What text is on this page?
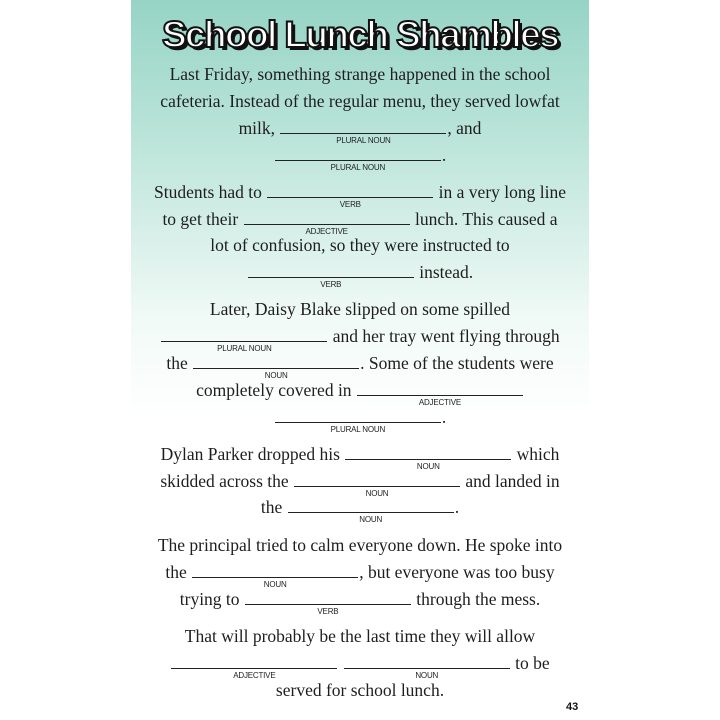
School Lunch Shambles
Last Friday, something strange happened in the school
cafeteria. Instead of the regular menu, they served lowfat
milk,
PLURAL NOUN
, and
PLURAL NOUN
.
Students had to
VERB
in a very long line
to get their
ADJECTIVE
lunch. This caused a
lot of confusion, so they were instructed to
VERB
instead.
Later, Daisy Blake slipped on some spilled
PLURAL NOUN
and her tray went flying through
the
NOUN
. Some of the students were
completely covered in
ADJECTIVE
PLURAL NOUN
.
Dylan Parker dropped his
NOUN
which
skidded across the
NOUN
and landed in
the
NOUN
.
The principal tried to calm everyone down. He spoke into
the
NOUN
, but everyone was too busy
trying to
VERB
through the mess.
That will probably be the last time they will allow
ADJECTIVE
	NOUN
to be
served for school lunch.
43
